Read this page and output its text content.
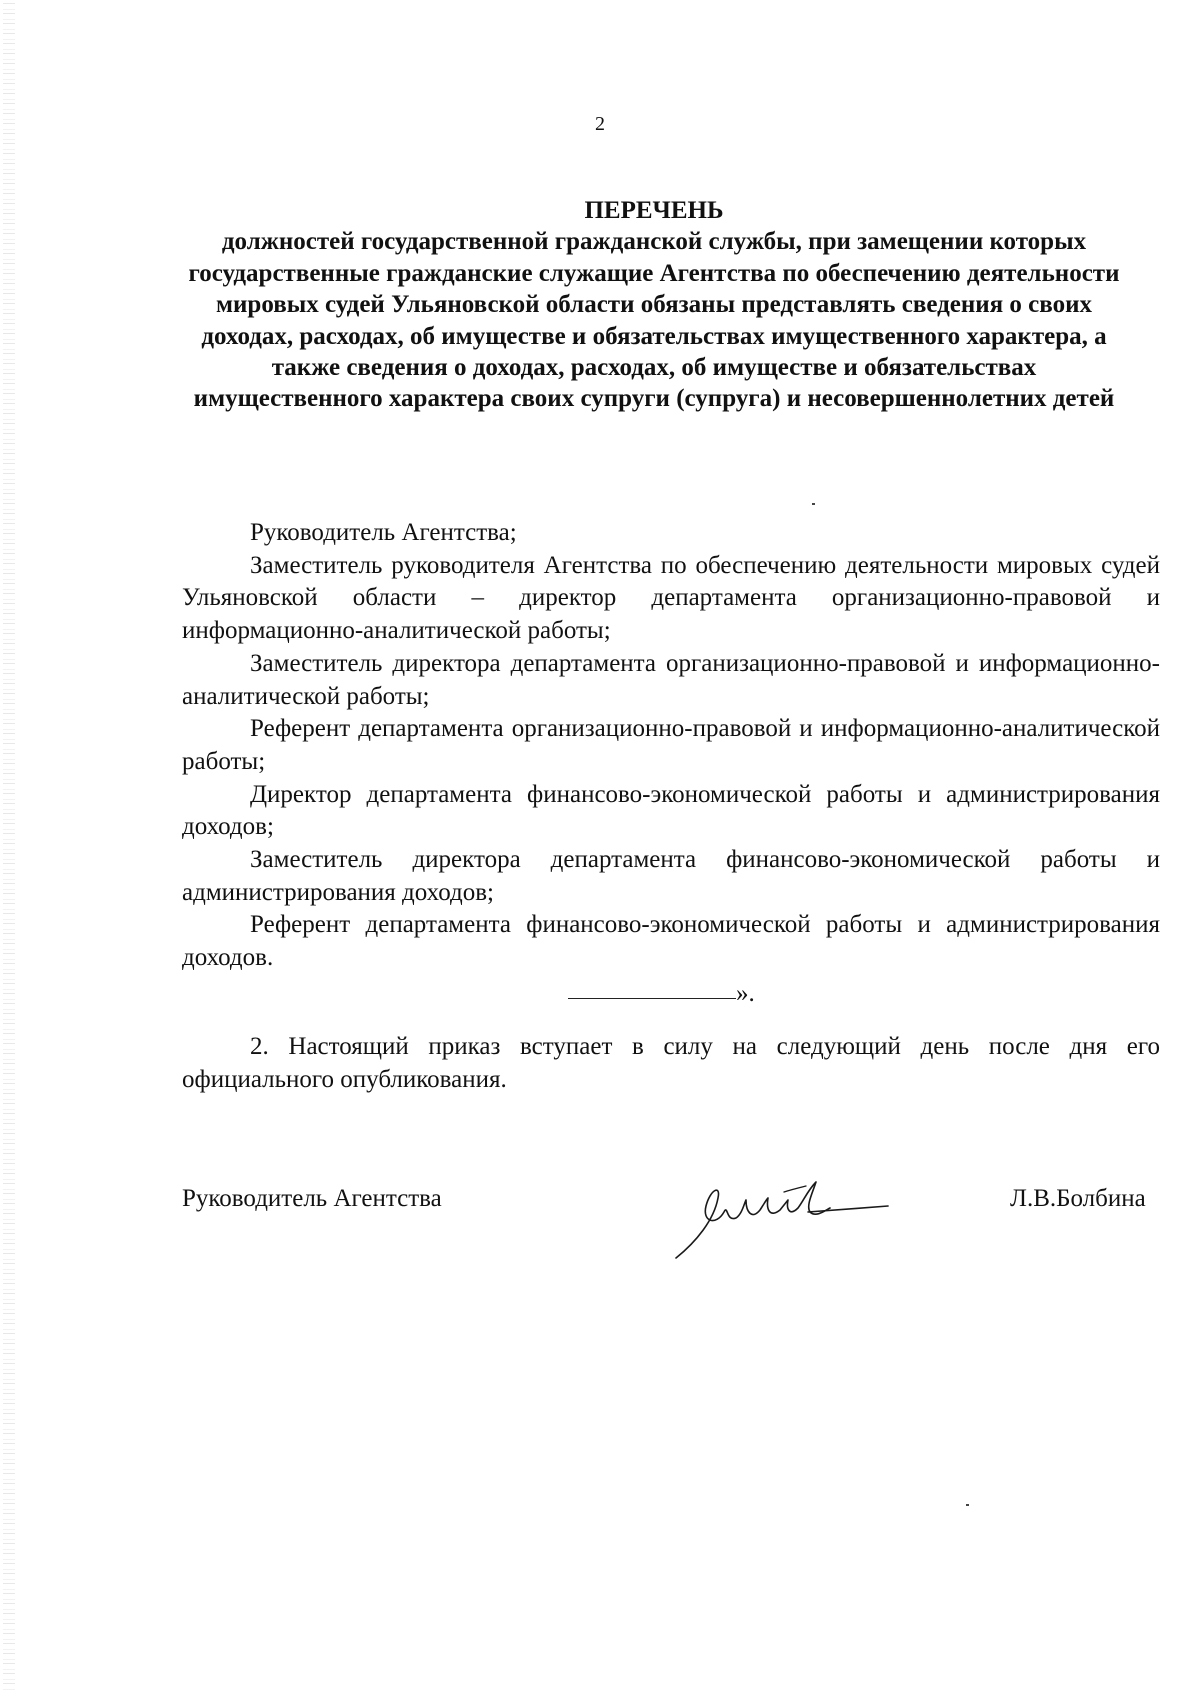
2
ПЕРЕЧЕНЬ
должностей государственной гражданской службы, при замещении которых государственные гражданские служащие Агентства по обеспечению деятельности мировых судей Ульяновской области обязаны представлять сведения о своих доходах, расходах, об имуществе и обязательствах имущественного характера, а также сведения о доходах, расходах, об имуществе и обязательствах имущественного характера своих супруги (супруга) и несовершеннолетних детей

Руководитель Агентства;

Заместитель руководителя Агентства по обеспечению деятельности мировых судей Ульяновской области – директор департамента организационно-правовой и информационно-аналитической работы;

Заместитель директора департамента организационно-правовой и информационно-аналитической работы;

Референт департамента организационно-правовой и информационно-аналитической работы;

Директор департамента финансово-экономической работы и администрирования доходов;

Заместитель директора департамента финансово-экономической работы и администрирования доходов;

Референт департамента финансово-экономической работы и администрирования доходов.

».

2. Настоящий приказ вступает в силу на следующий день после дня его официального опубликования.

Руководитель Агентства	Л.В.Болбина
